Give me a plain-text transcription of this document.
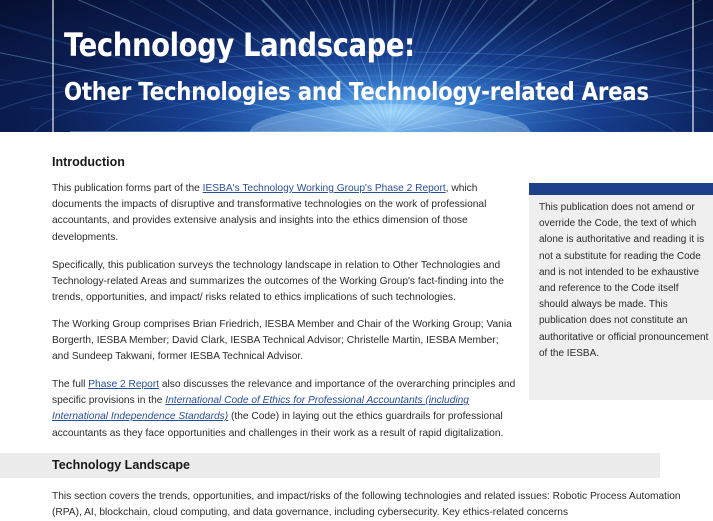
Technology Landscape:
Other Technologies and Technology-related Areas
Introduction

This publication forms part of the IESBA's Technology Working Group's Phase 2 Report, which documents the impacts of disruptive and transformative technologies on the work of professional accountants, and provides extensive analysis and insights into the ethics dimension of those developments.

Specifically, this publication surveys the technology landscape in relation to Other Technologies and Technology-related Areas and summarizes the outcomes of the Working Group's fact-finding into the trends, opportunities, and impact/ risks related to ethics implications of such technologies.

The Working Group comprises Brian Friedrich, IESBA Member and Chair of the Working Group; Vania Borgerth, IESBA Member; David Clark, IESBA Technical Advisor; Christelle Martin, IESBA Member; and Sundeep Takwani, former IESBA Technical Advisor.

The full Phase 2 Report also discusses the relevance and importance of the overarching principles and specific provisions in the International Code of Ethics for Professional Accountants (including International Independence Standards) (the Code) in laying out the ethics guardrails for professional accountants as they face opportunities and challenges in their work as a result of rapid digitalization.

This publication does not amend or override the Code, the text of which alone is authoritative and reading it is not a substitute for reading the Code and is not intended to be exhaustive and reference to the Code itself should always be made. This publication does not constitute an authoritative or official pronouncement of the IESBA.

Technology Landscape

This section covers the trends, opportunities, and impact/risks of the following technologies and related issues: Robotic Process Automation (RPA), AI, blockchain, cloud computing, and data governance, including cybersecurity. Key ethics-related concerns
